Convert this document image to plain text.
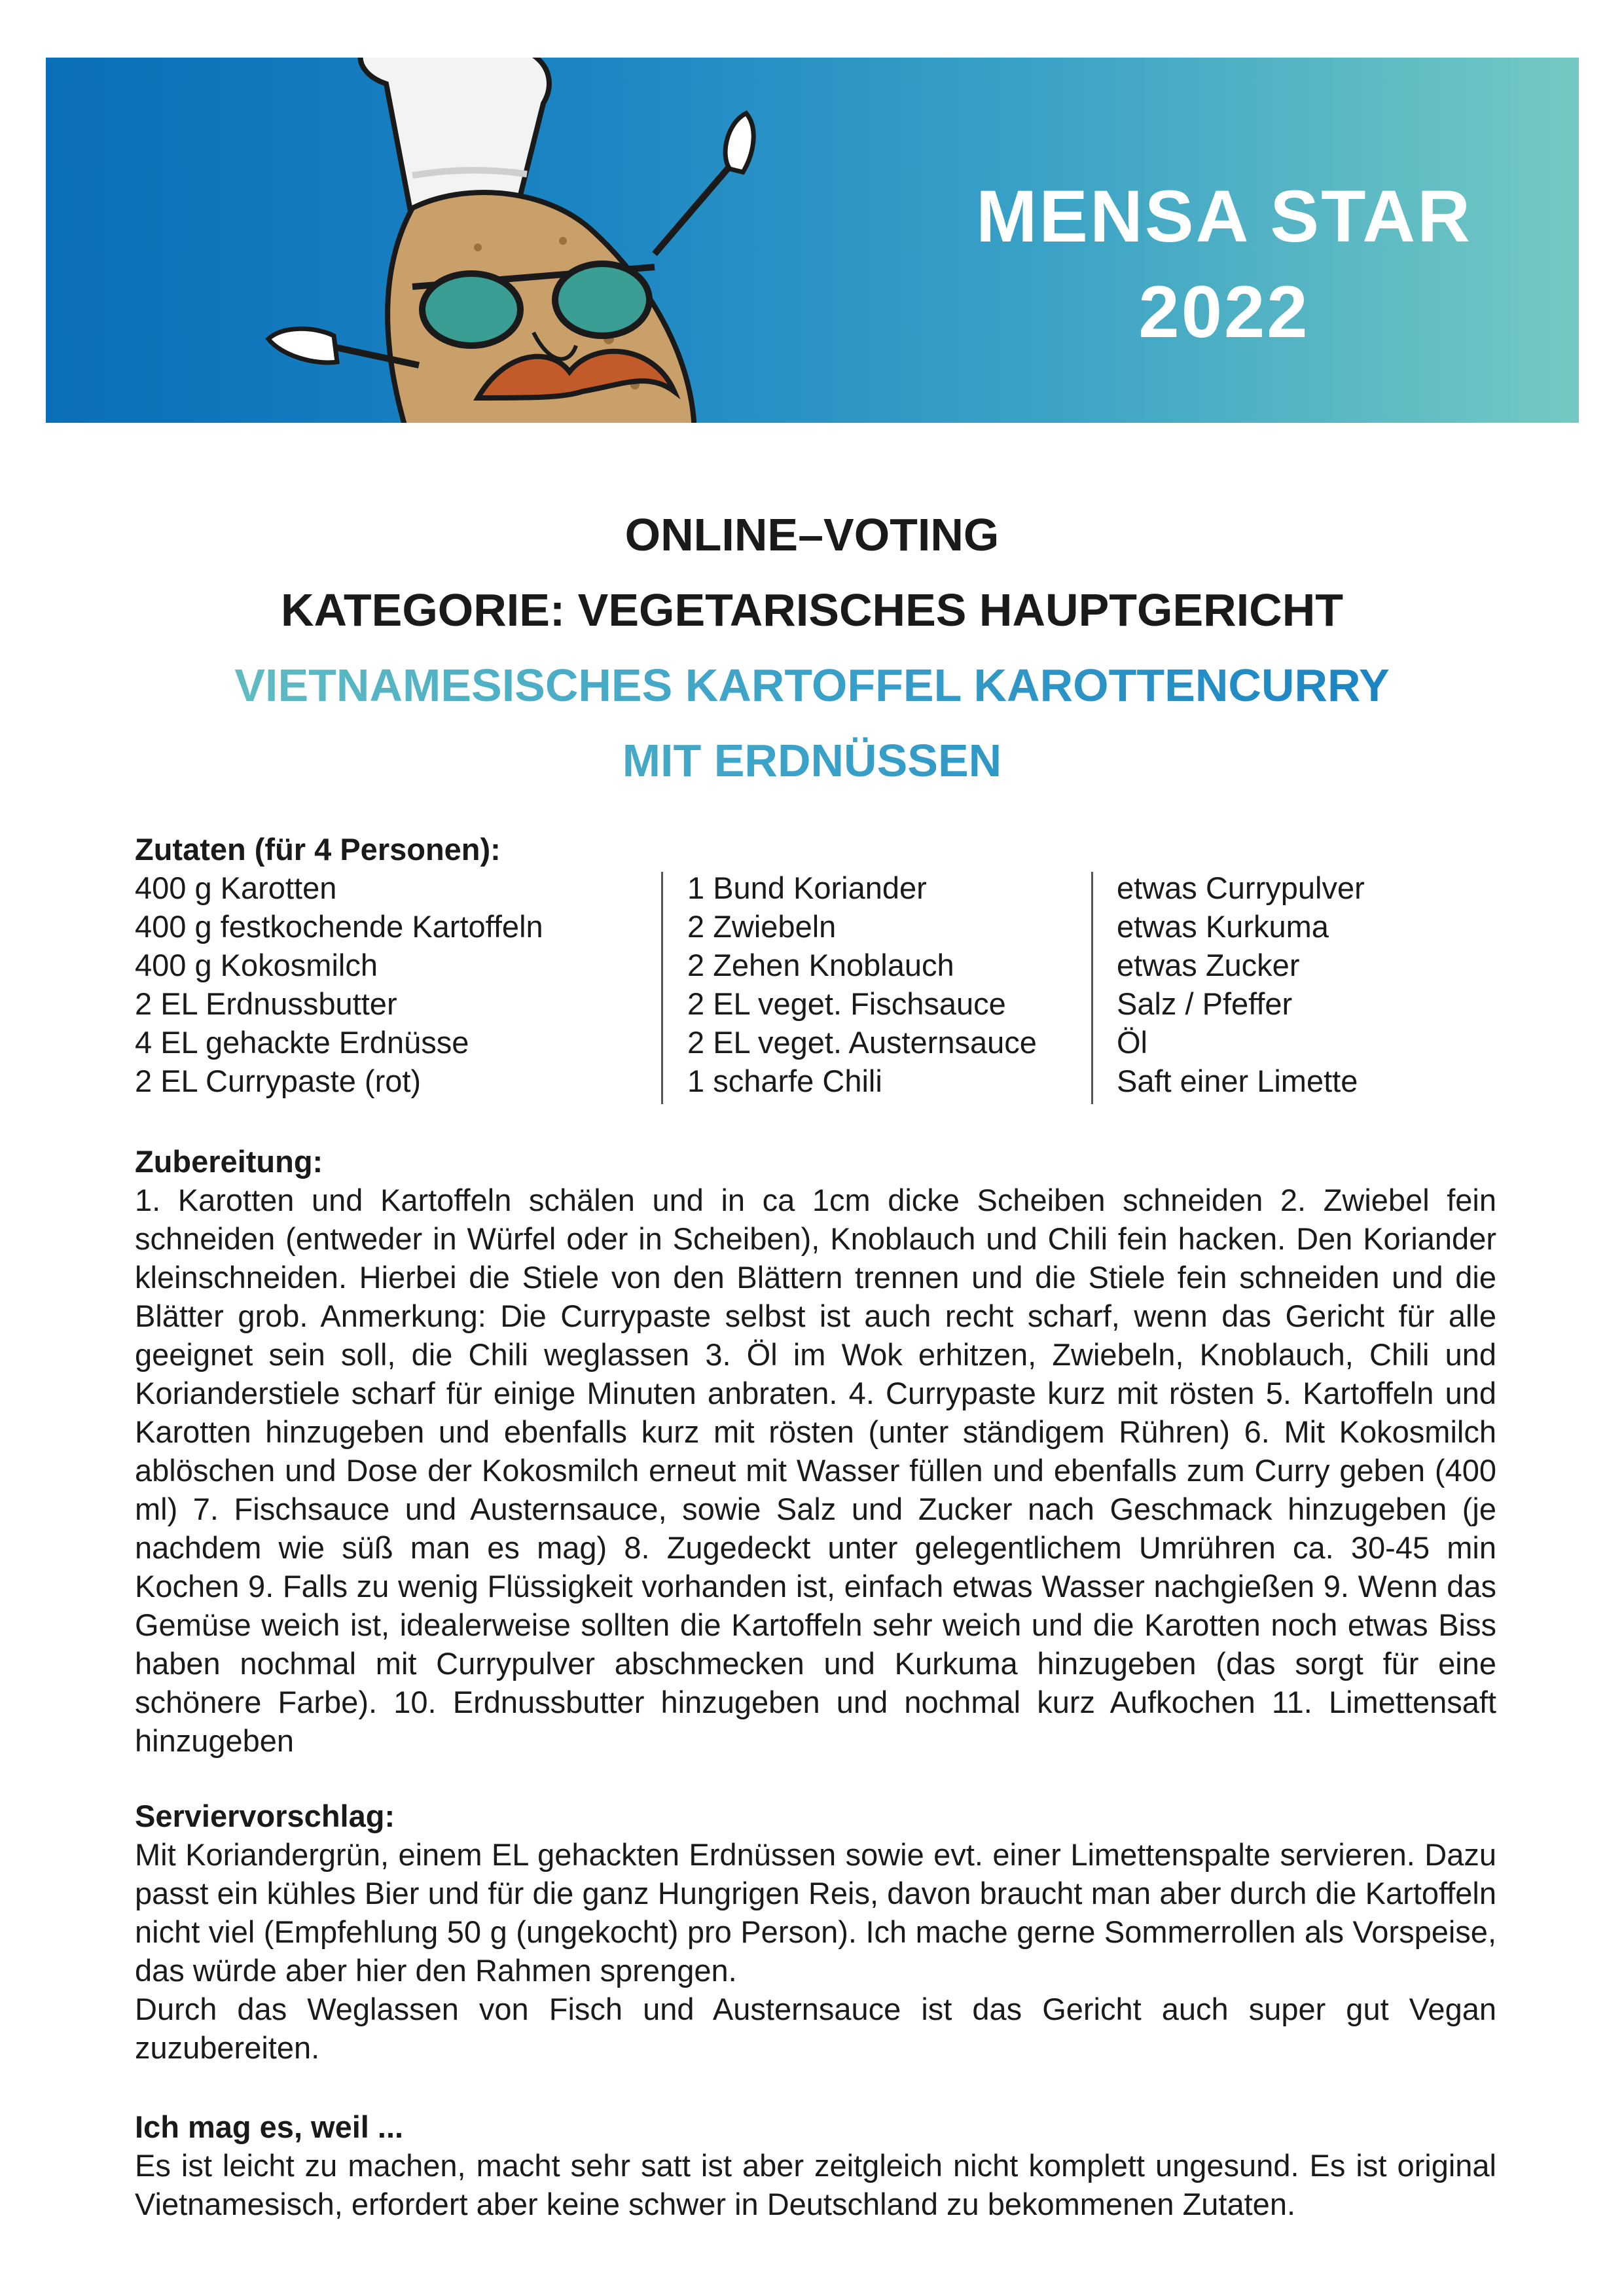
MENSA STAR
2022
ONLINE–VOTING
KATEGORIE: VEGETARISCHES HAUPTGERICHT
VIETNAMESISCHES KARTOFFEL KAROTTENCURRY
MIT ERDNÜSSEN
Zutaten (für 4 Personen):
400 g Karotten
400 g festkochende Kartoffeln
400 g Kokosmilch
2 EL Erdnussbutter
4 EL gehackte Erdnüsse
2 EL Currypaste (rot)
1 Bund Koriander
2 Zwiebeln
2 Zehen Knoblauch
2 EL veget. Fischsauce
2 EL veget. Austernsauce
1 scharfe Chili
etwas Currypulver
etwas Kurkuma
etwas Zucker
Salz / Pfeffer
Öl
Saft einer Limette
Zubereitung:
1. Karotten und Kartoffeln schälen und in ca 1cm dicke Scheiben schneiden 2. Zwiebel fein schneiden (entweder in Würfel oder in Scheiben), Knoblauch und Chili fein hacken. Den Koriander kleinschneiden. Hierbei die Stiele von den Blättern trennen und die Stiele fein schneiden und die Blätter grob. Anmerkung: Die Currypaste selbst ist auch recht scharf, wenn das Gericht für alle geeignet sein soll, die Chili weglassen 3. Öl im Wok erhitzen, Zwiebeln, Knoblauch, Chili und Korianderstiele scharf für einige Minuten anbraten. 4. Currypaste kurz mit rösten 5. Kartoffeln und Karotten hinzugeben und ebenfalls kurz mit rösten (unter ständigem Rühren) 6. Mit Kokosmilch ablöschen und Dose der Kokosmilch erneut mit Wasser füllen und ebenfalls zum Curry geben (400 ml) 7. Fischsauce und Austernsauce, sowie Salz und Zucker nach Geschmack hinzugeben (je nachdem wie süß man es mag) 8. Zugedeckt unter gelegentlichem Umrühren ca. 30-45 min Kochen 9. Falls zu wenig Flüssigkeit vorhanden ist, einfach etwas Wasser nachgießen 9. Wenn das Gemüse weich ist, idealerweise sollten die Kartoffeln sehr weich und die Karotten noch etwas Biss haben nochmal mit Currypulver abschmecken und Kurkuma hinzugeben (das sorgt für eine schönere Farbe). 10. Erdnussbutter hinzugeben und nochmal kurz Aufkochen 11. Limettensaft hinzugeben
Serviervorschlag:
Mit Koriandergrün, einem EL gehackten Erdnüssen sowie evt. einer Limettenspalte servieren. Dazu passt ein kühles Bier und für die ganz Hungrigen Reis, davon braucht man aber durch die Kartoffeln nicht viel (Empfehlung 50 g (ungekocht) pro Person). Ich mache gerne Sommerrollen als Vorspeise, das würde aber hier den Rahmen sprengen.
Durch das Weglassen von Fisch und Austernsauce ist das Gericht auch super gut Vegan zuzubereiten.
Ich mag es, weil ...
Es ist leicht zu machen, macht sehr satt ist aber zeitgleich nicht komplett ungesund. Es ist original Vietnamesisch, erfordert aber keine schwer in Deutschland zu bekommenen Zutaten.
